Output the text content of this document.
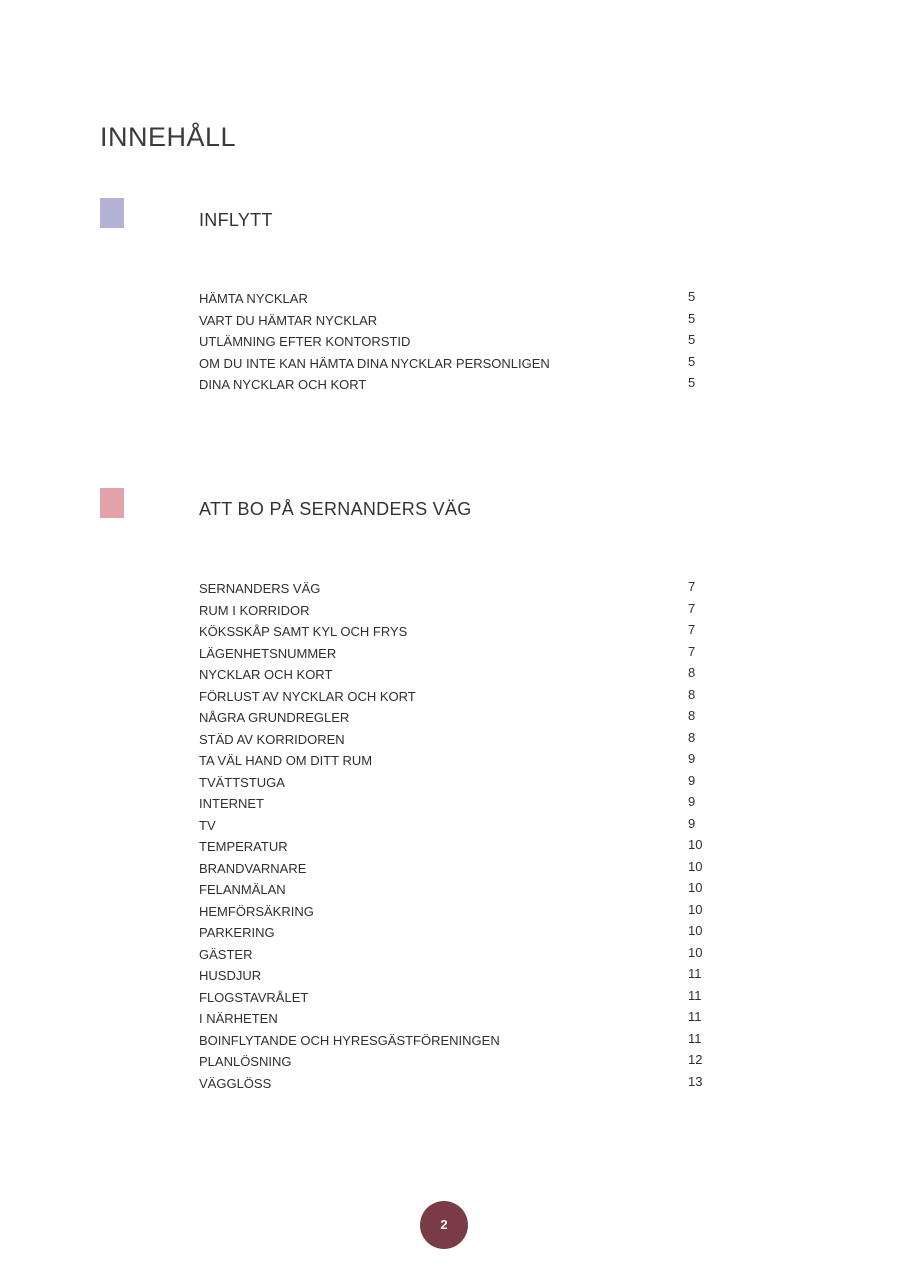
INNEHÅLL
INFLYTT
HÄMTA NYCKLAR	5
VART DU HÄMTAR NYCKLAR	5
UTLÄMNING EFTER KONTORSTID	5
OM DU INTE KAN HÄMTA DINA NYCKLAR PERSONLIGEN	5
DINA NYCKLAR OCH KORT	5
ATT BO PÅ SERNANDERS VÄG
SERNANDERS VÄG	7
RUM I KORRIDOR	7
KÖKSSKÅP SAMT KYL OCH FRYS	7
LÄGENHETSNUMMER	7
NYCKLAR OCH KORT	8
FÖRLUST AV NYCKLAR OCH KORT	8
NÅGRA GRUNDREGLER	8
STÄD AV KORRIDOREN	8
TA VÄL HAND OM DITT RUM	9
TVÄTTSTUGA	9
INTERNET	9
TV	9
TEMPERATUR	10
BRANDVARNARE	10
FELANMÄLAN	10
HEMFÖRSÄKRING	10
PARKERING	10
GÄSTER	10
HUSDJUR	11
FLOGSTAVRÅLET	11
I NÄRHETEN	11
BOINFLYTANDE OCH HYRESGÄSTFÖRENINGEN	11
PLANLÖSNING	12
VÄGGLÖSS	13
2
